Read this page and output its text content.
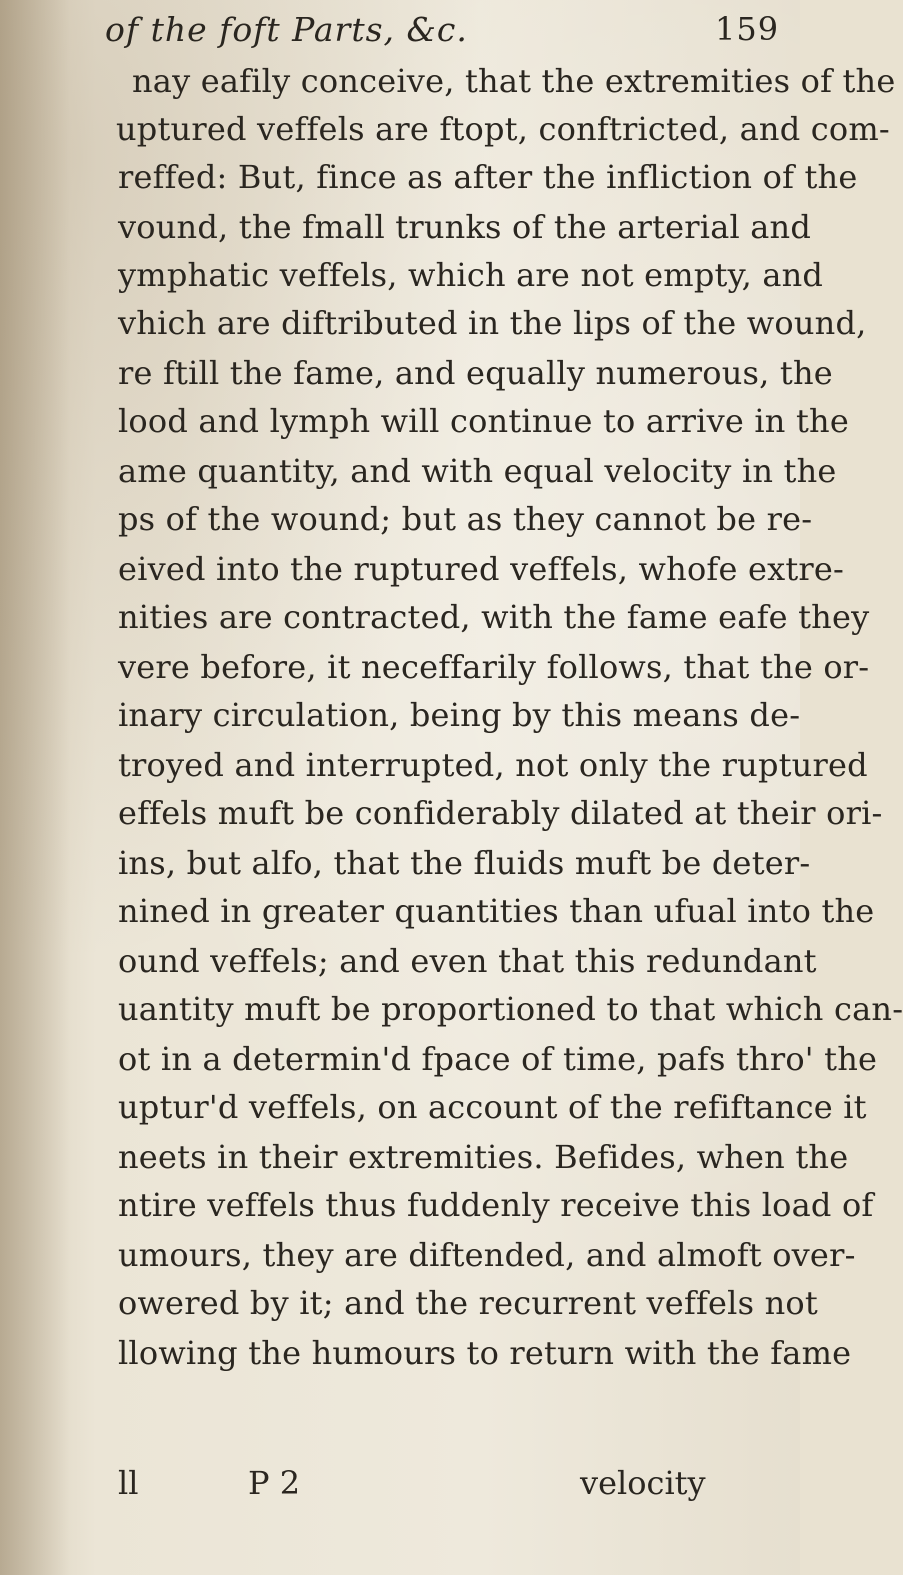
of the foft Parts, &c.	159
nay eafily conceive, that the extremities of the
uptured veffels are ftopt, conftricted, and com-
reffed: But, fince as after the infliction of the
vound, the fmall trunks of the arterial and
ymphatic veffels, which are not empty, and
vhich are diftributed in the lips of the wound,
re ftill the fame, and equally numerous, the
lood and lymph will continue to arrive in the
ame quantity, and with equal velocity in the
ps of the wound; but as they cannot be re-
eived into the ruptured veffels, whofe extre-
nities are contracted, with the fame eafe they
vere before, it neceffarily follows, that the or-
inary circulation, being by this means de-
troyed and interrupted, not only the ruptured
effels muft be confiderably dilated at their ori-
ins, but alfo, that the fluids muft be deter-
nined in greater quantities than ufual into the
ound veffels; and even that this redundant
uantity muft be proportioned to that which can-
ot in a determin'd fpace of time, pafs thro' the
uptur'd veffels, on account of the refiftance it
neets in their extremities. Befides, when the
ntire veffels thus fuddenly receive this load of
umours, they are diftended, and almoft over-
owered by it; and the recurrent veffels not
llowing the humours to return with the fame
ll	P 2	velocity
